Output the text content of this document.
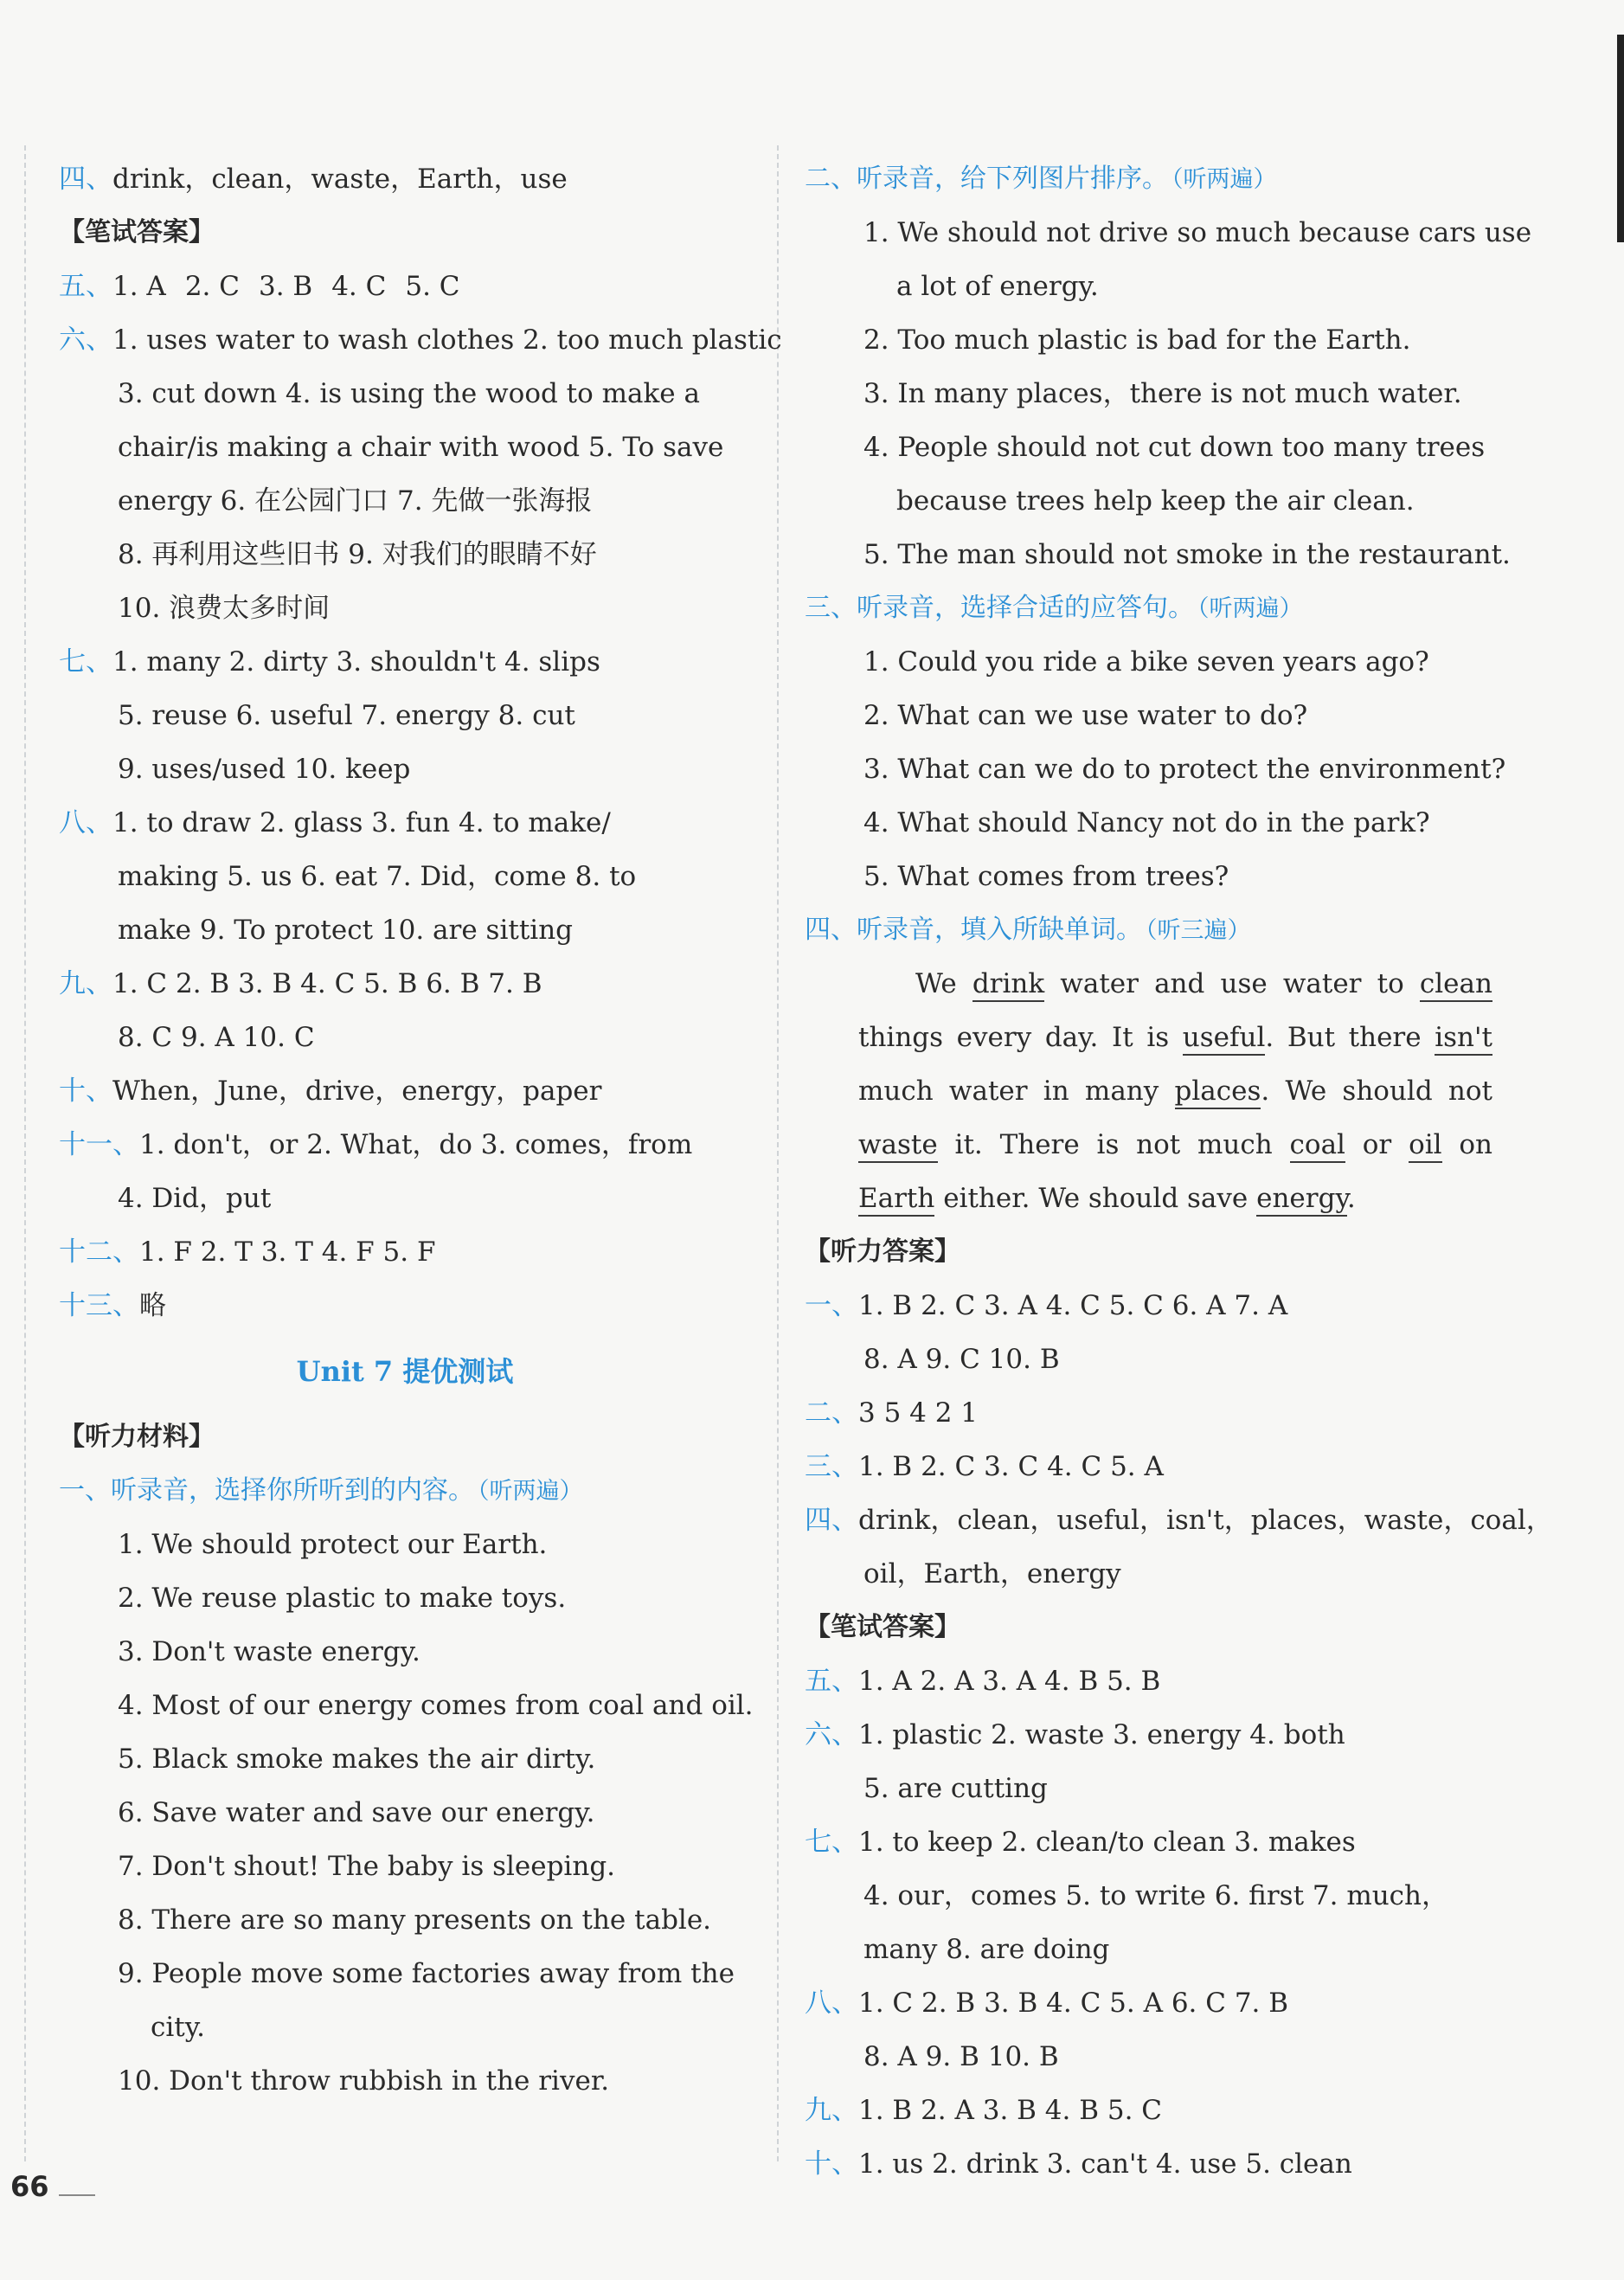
四、drink，clean，waste，Earth，use
【笔试答案】
五、1. A 2. C 3. B 4. C 5. C
六、1. uses water to wash clothes 2. too much plastic
3. cut down 4. is using the wood to make a
chair/is making a chair with wood 5. To save
energy 6. 在公园门口 7. 先做一张海报
8. 再利用这些旧书 9. 对我们的眼睛不好
10. 浪费太多时间
七、1. many 2. dirty 3. shouldn't 4. slips
5. reuse 6. useful 7. energy 8. cut
9. uses/used 10. keep
八、1. to draw 2. glass 3. fun 4. to make/
making 5. us 6. eat 7. Did，come 8. to
make 9. To protect 10. are sitting
九、1. C 2. B 3. B 4. C 5. B 6. B 7. B
8. C 9. A 10. C
十、When，June，drive，energy，paper
十一、1. don't，or 2. What，do 3. comes，from
4. Did，put
十二、1. F 2. T 3. T 4. F 5. F
十三、略
Unit 7 提优测试
【听力材料】
一、听录音，选择你所听到的内容。 （听两遍）
1. We should protect our Earth.
2. We reuse plastic to make toys.
3. Don't waste energy.
4. Most of our energy comes from coal and oil.
5. Black smoke makes the air dirty.
6. Save water and save our energy.
7. Don't shout! The baby is sleeping.
8. There are so many presents on the table.
9. People move some factories away from the
city.
10. Don't throw rubbish in the river.
二、听录音，给下列图片排序。 （听两遍）
1. We should not drive so much because cars use
a lot of energy.
2. Too much plastic is bad for the Earth.
3. In many places，there is not much water.
4. People should not cut down too many trees
because trees help keep the air clean.
5. The man should not smoke in the restaurant.
三、听录音，选择合适的应答句。 （听两遍）
1. Could you ride a bike seven years ago?
2. What can we use water to do?
3. What can we do to protect the environment?
4. What should Nancy not do in the park?
5. What comes from trees?
四、听录音，填入所缺单词。 （听三遍）

We drink water and use water to clean things every day. It is useful. But there isn't much water in many places. We should not waste it. There is not much coal or oil on Earth either. We should save energy.

【听力答案】
一、1. B 2. C 3. A 4. C 5. C 6. A 7. A
8. A 9. C 10. B
二、3 5 4 2 1
三、1. B 2. C 3. C 4. C 5. A
四、drink，clean，useful，isn't，places，waste，coal，
oil，Earth，energy
【笔试答案】
五、1. A 2. A 3. A 4. B 5. B
六、1. plastic 2. waste 3. energy 4. both
5. are cutting
七、1. to keep 2. clean/to clean 3. makes
4. our，comes 5. to write 6. first 7. much，
many 8. are doing
八、1. C 2. B 3. B 4. C 5. A 6. C 7. B
8. A 9. B 10. B
九、1. B 2. A 3. B 4. B 5. C
十、1. us 2. drink 3. can't 4. use 5. clean
66
